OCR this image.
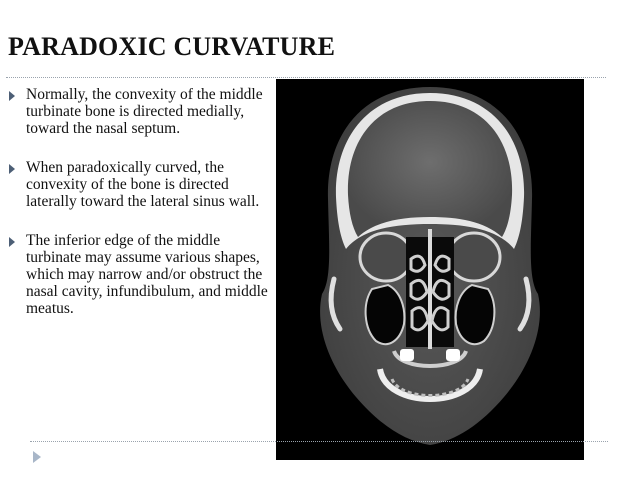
PARADOXIC CURVATURE
Normally, the convexity of the middle turbinate bone is directed medially, toward the nasal septum.
When paradoxically curved, the convexity of the bone is directed laterally toward the lateral sinus wall.
The inferior edge of the middle turbinate may assume various shapes, which may narrow and/or obstruct the nasal cavity, infundibulum, and middle meatus.
